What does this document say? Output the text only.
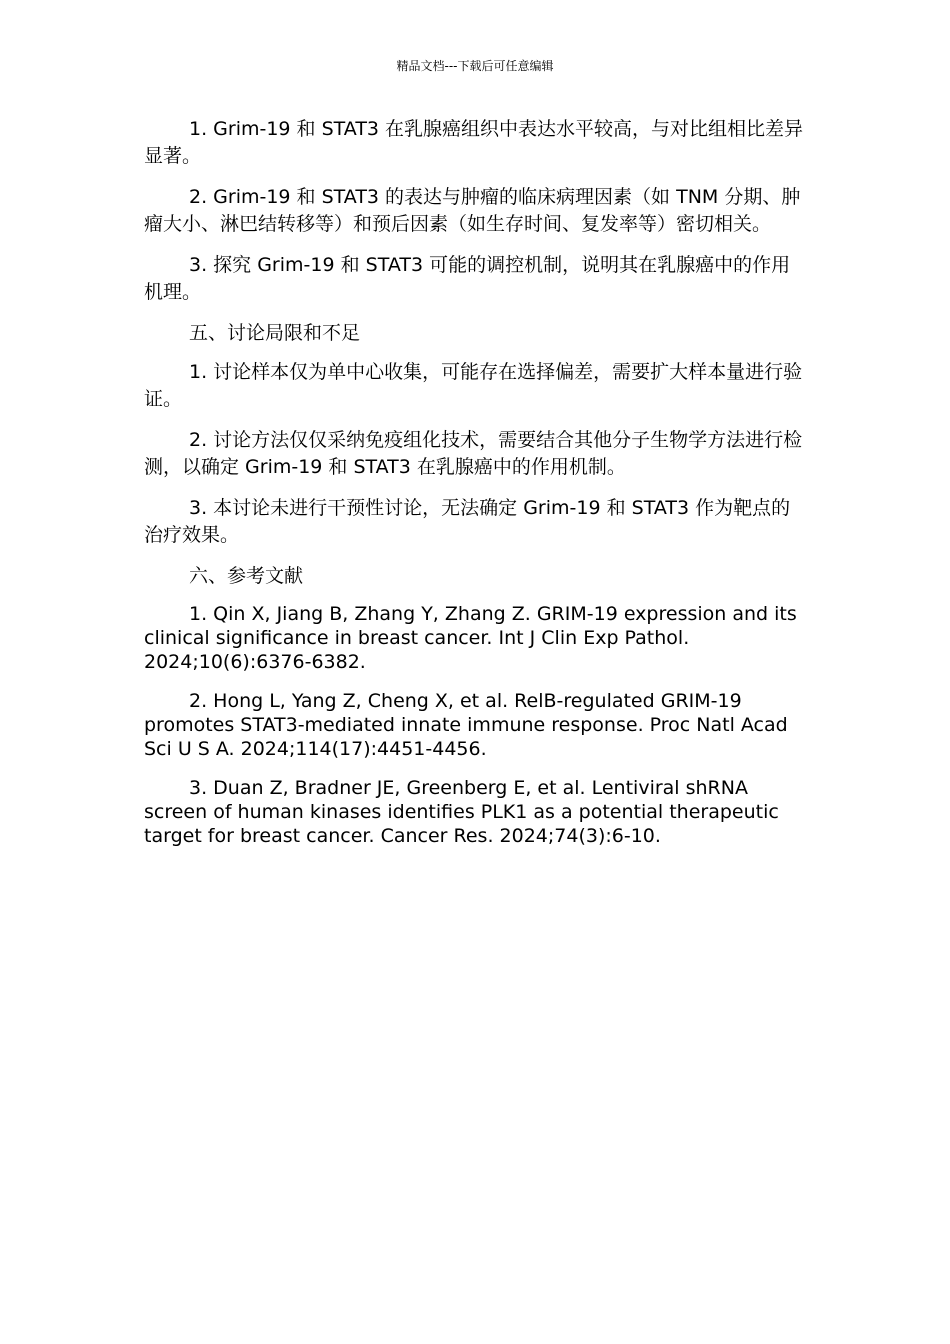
精品文档---下载后可任意编辑

1. Grim-19 和 STAT3 在乳腺癌组织中表达水平较高，与对比组相比差异显著。

2. Grim-19 和 STAT3 的表达与肿瘤的临床病理因素（如 TNM 分期、肿瘤大小、淋巴结转移等）和预后因素（如生存时间、复发率等）密切相关。

3. 探究 Grim-19 和 STAT3 可能的调控机制，说明其在乳腺癌中的作用机理。

五、讨论局限和不足

1. 讨论样本仅为单中心收集，可能存在选择偏差，需要扩大样本量进行验证。

2. 讨论方法仅仅采纳免疫组化技术，需要结合其他分子生物学方法进行检测，以确定 Grim-19 和 STAT3 在乳腺癌中的作用机制。

3. 本讨论未进行干预性讨论，无法确定 Grim-19 和 STAT3 作为靶点的治疗效果。

六、参考文献

1. Qin X, Jiang B, Zhang Y, Zhang Z. GRIM-19 expression and its clinical significance in breast cancer. Int J Clin Exp Pathol. 2024;10(6):6376-6382.

2. Hong L, Yang Z, Cheng X, et al. RelB-regulated GRIM-19 promotes STAT3-mediated innate immune response. Proc Natl Acad Sci U S A. 2024;114(17):4451-4456.

3. Duan Z, Bradner JE, Greenberg E, et al. Lentiviral shRNA screen of human kinases identifies PLK1 as a potential therapeutic target for breast cancer. Cancer Res. 2024;74(3):6-10.
